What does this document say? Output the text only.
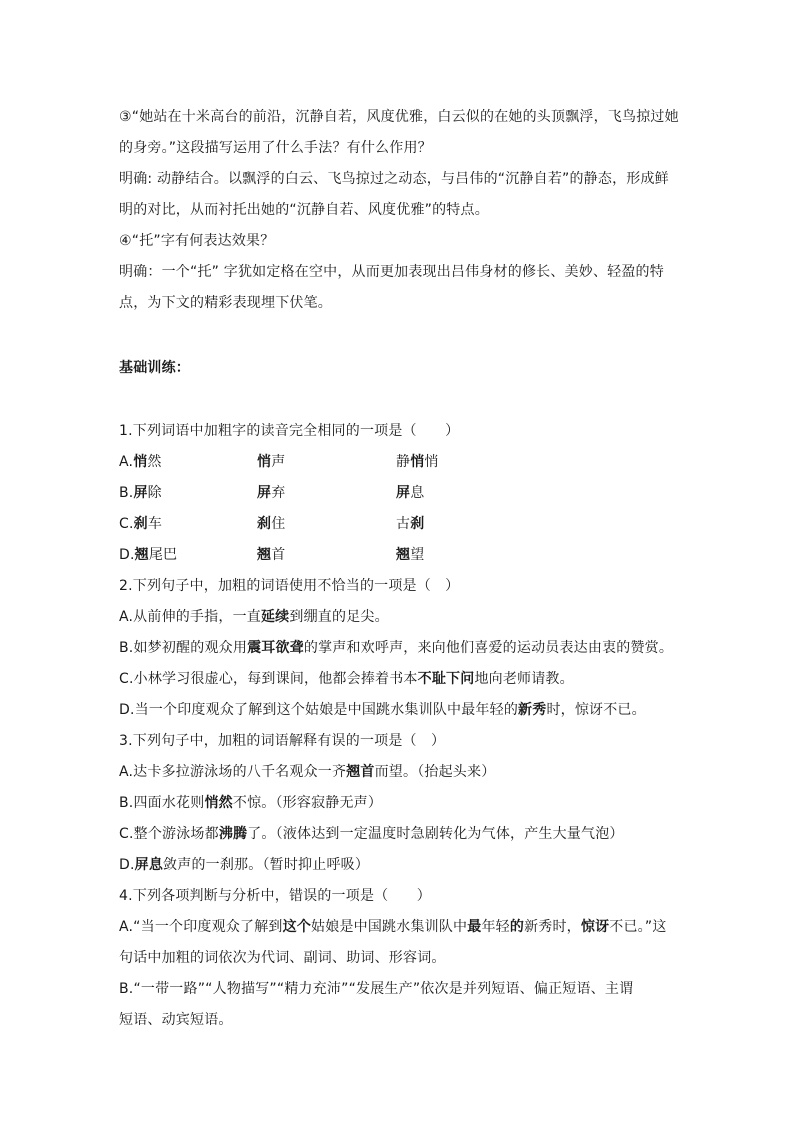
③“她站在十米高台的前沿，沉静自若，风度优雅，白云似的在她的头顶飘浮，飞鸟掠过她
的身旁。”这段描写运用了什么手法？有什么作用？
明确: 动静结合。以飘浮的白云、飞鸟掠过之动态，与吕伟的“沉静自若”的静态，形成鲜
明的对比，从而衬托出她的“沉静自若、风度优雅”的特点。
④“托”字有何表达效果？
明确：一个“托” 字犹如定格在空中，从而更加表现出吕伟身材的修长、美妙、轻盈的特
点，为下文的精彩表现埋下伏笔。
基础训练：
1.下列词语中加粗字的读音完全相同的一项是（　　）
A.悄然	悄声	静悄悄
B.屏除	屏弃	屏息
C.刹车	刹住	古刹
D.翘尾巴	翘首	翘望
2.下列句子中，加粗的词语使用不恰当的一项是（　）
A.从前伸的手指，一直延续到绷直的足尖。
B.如梦初醒的观众用震耳欲聋的掌声和欢呼声，来向他们喜爱的运动员表达由衷的赞赏。
C.小林学习很虚心，每到课间，他都会捧着书本不耻下问地向老师请教。
D.当一个印度观众了解到这个姑娘是中国跳水集训队中最年轻的新秀时，惊讶不已。
3.下列句子中，加粗的词语解释有误的一项是（　）
A.达卡多拉游泳场的八千名观众一齐翘首而望。（抬起头来）
B.四面水花则悄然不惊。（形容寂静无声）
C.整个游泳场都沸腾了。（液体达到一定温度时急剧转化为气体，产生大量气泡）
D.屏息敛声的一刹那。（暂时抑止呼吸）
4.下列各项判断与分析中，错误的一项是（　　）
A.“当一个印度观众了解到这个姑娘是中国跳水集训队中最年轻的新秀时，惊讶不已。”这
句话中加粗的词依次为代词、副词、助词、形容词。
B.“一带一路”“人物描写”“精力充沛”“发展生产”依次是并列短语、偏正短语、主谓
短语、动宾短语。
